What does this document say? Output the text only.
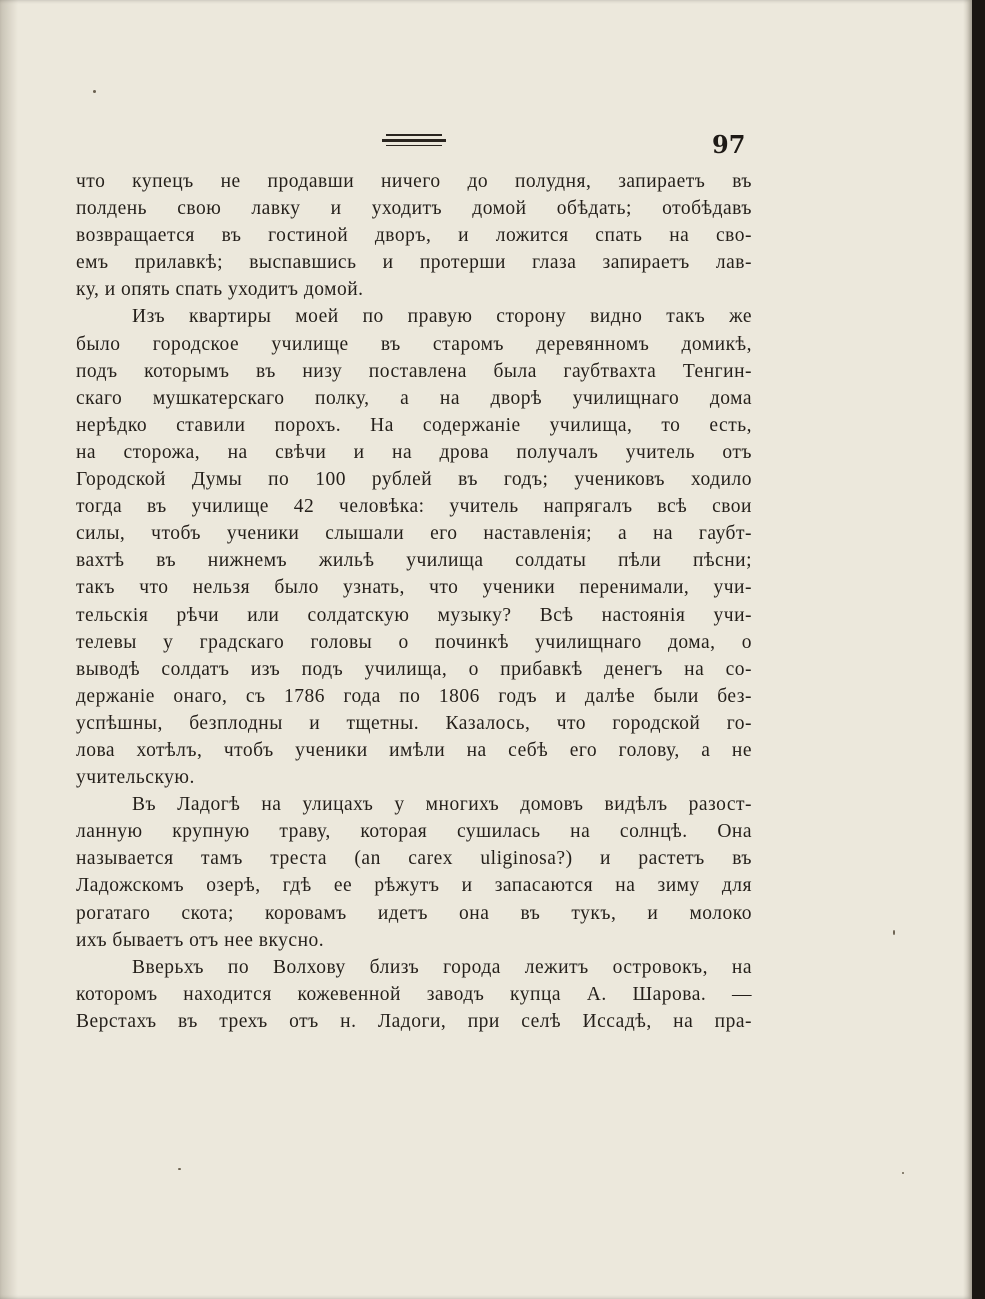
97
что купецъ не продавши ничего до полудня, запираетъ въ
полдень свою лавку и уходитъ домой обѣдать; отобѣдавъ
возвращается въ гостиной дворъ, и ложится спать на сво-
емъ прилавкѣ; выспавшись и протерши глаза запираетъ лав-
ку, и опять спать уходитъ домой.
Изъ квартиры моей по правую сторону видно такъ же
было городское училище въ старомъ деревянномъ домикѣ,
подъ которымъ въ низу поставлена была гаубтвахта Тенгин-
скаго мушкатерскаго полку, а на дворѣ училищнаго дома
нерѣдко ставили порохъ. На содержаніе училища, то есть,
на сторожа, на свѣчи и на дрова получалъ учитель отъ
Городской Думы по 100 рублей въ годъ; учениковъ ходило
тогда въ училище 42 человѣка: учитель напрягалъ всѣ свои
силы, чтобъ ученики слышали его наставленія; а на гаубт-
вахтѣ въ нижнемъ жильѣ училища солдаты пѣли пѣсни;
такъ что нельзя было узнать, что ученики перенимали, учи-
тельскія рѣчи или солдатскую музыку? Всѣ настоянія учи-
телевы у градскаго головы о починкѣ училищнаго дома, о
выводѣ солдатъ изъ подъ училища, о прибавкѣ денегъ на со-
держаніе онаго, съ 1786 года по 1806 годъ и далѣе были без-
успѣшны, безплодны и тщетны. Казалось, что городской го-
лова хотѣлъ, чтобъ ученики имѣли на себѣ его голову, а не
учительскую.
Въ Ладогѣ на улицахъ у многихъ домовъ видѣлъ разост-
ланную крупную траву, которая сушилась на солнцѣ. Она
называется тамъ треста (an carex uliginosa?) и растетъ въ
Ладожскомъ озерѣ, гдѣ ее рѣжутъ и запасаются на зиму для
рогатаго скота; коровамъ идетъ она въ тукъ, и молоко
ихъ бываетъ отъ нее вкусно.
Вверьхъ по Волхову близъ города лежитъ островокъ, на
которомъ находится кожевенной заводъ купца А. Шарова. —
Верстахъ въ трехъ отъ н. Ладоги, при селѣ Иссадѣ, на пра-
